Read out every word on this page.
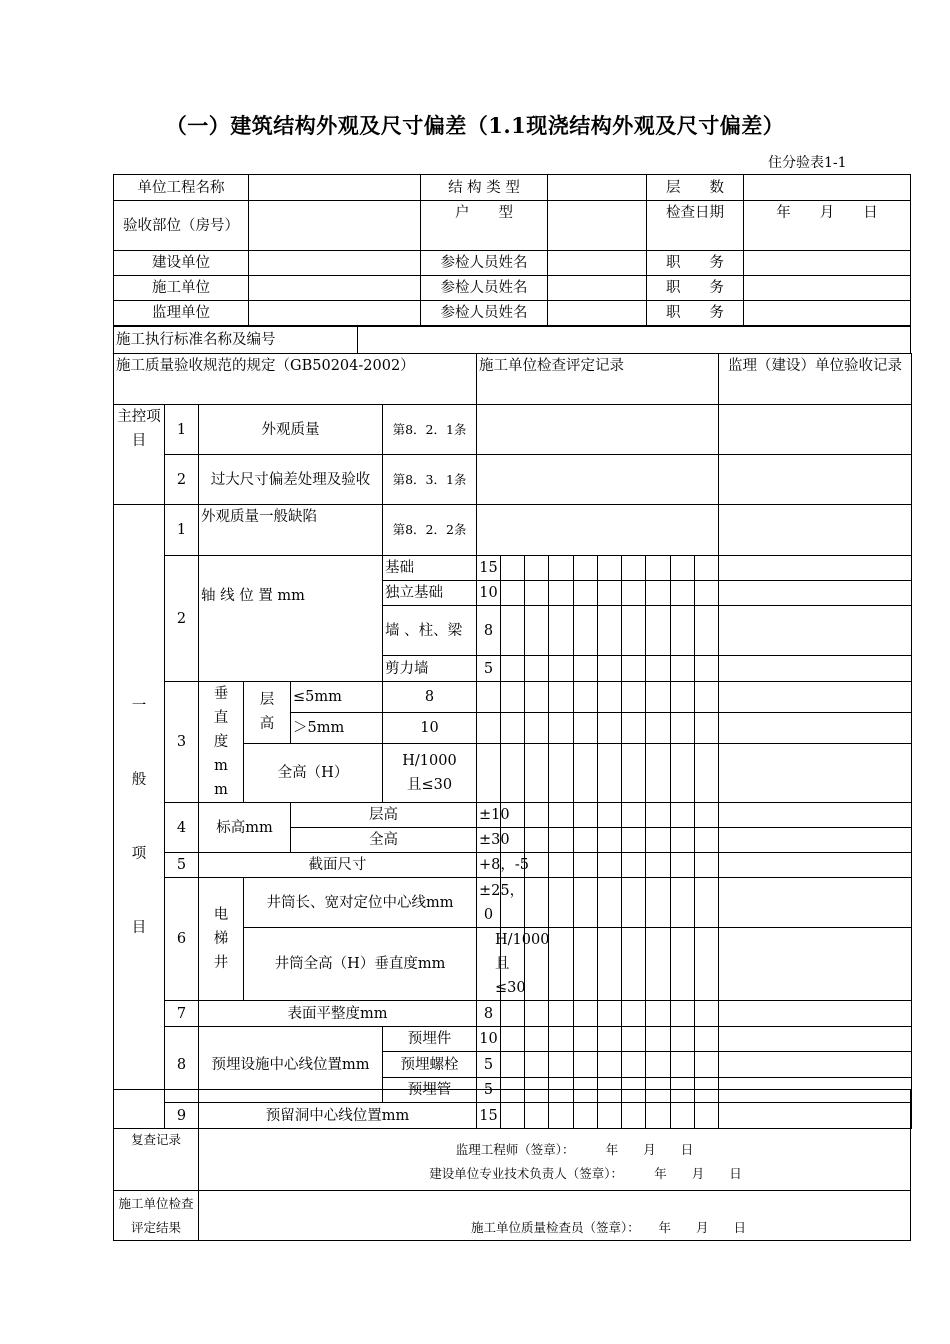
（一）建筑结构外观及尺寸偏差（1.1现浇结构外观及尺寸偏差）
住分验表1-1
单位工程名称		结 构 类 型		层　　数	
验收部位（房号）		户　　型		检查日期	年　　月　　日
建设单位		参检人员姓名		职　　务	
施工单位		参检人员姓名		职　　务	
监理单位		参检人员姓名		职　　务	
施工执行标准名称及编号	
施工质量验收规范的规定（GB50204-2002）						施工单位检查评定记录										监理（建设）单位验收记录	
主控项目	1	外观质量			第8．2．1条												
	2	过大尺寸偏差处理及验收			第8．3．1条												

一
般
项
目	1	外观质量一般缺陷			第8．2．2条												
	2	轴 线 位 置 mm			基础	15											
					独立基础	10											
					墙 、柱、梁	8											
					剪力墙	5											
	3	垂直度mm	层高	≤5mm	8												
				＞5mm	10												
			全高（H）		H/1000且≤30												
	4	标高mm		层高		±10											
				全高		±30											
	5	截面尺寸				+8，-5											
	6	电梯井	井筒长、宽对定位中心线mm			±25，0											
			井筒全高（H）垂直度mm			H/1000且≤30											
	7	表面平整度mm				8											
	8	预埋设施中心线位置mm			预埋件	10											
					预埋螺栓	5											
					预埋管	5											
	9	预留洞中心线位置mm				15											
复查记录	监理工程师（签章）：　　　年　　月　　日
建设单位专业技术负责人（签章）：　　　年　　月　　日

施工单位检查评定结果	施工单位质量检查员（签章）：　　年　　月　　日
